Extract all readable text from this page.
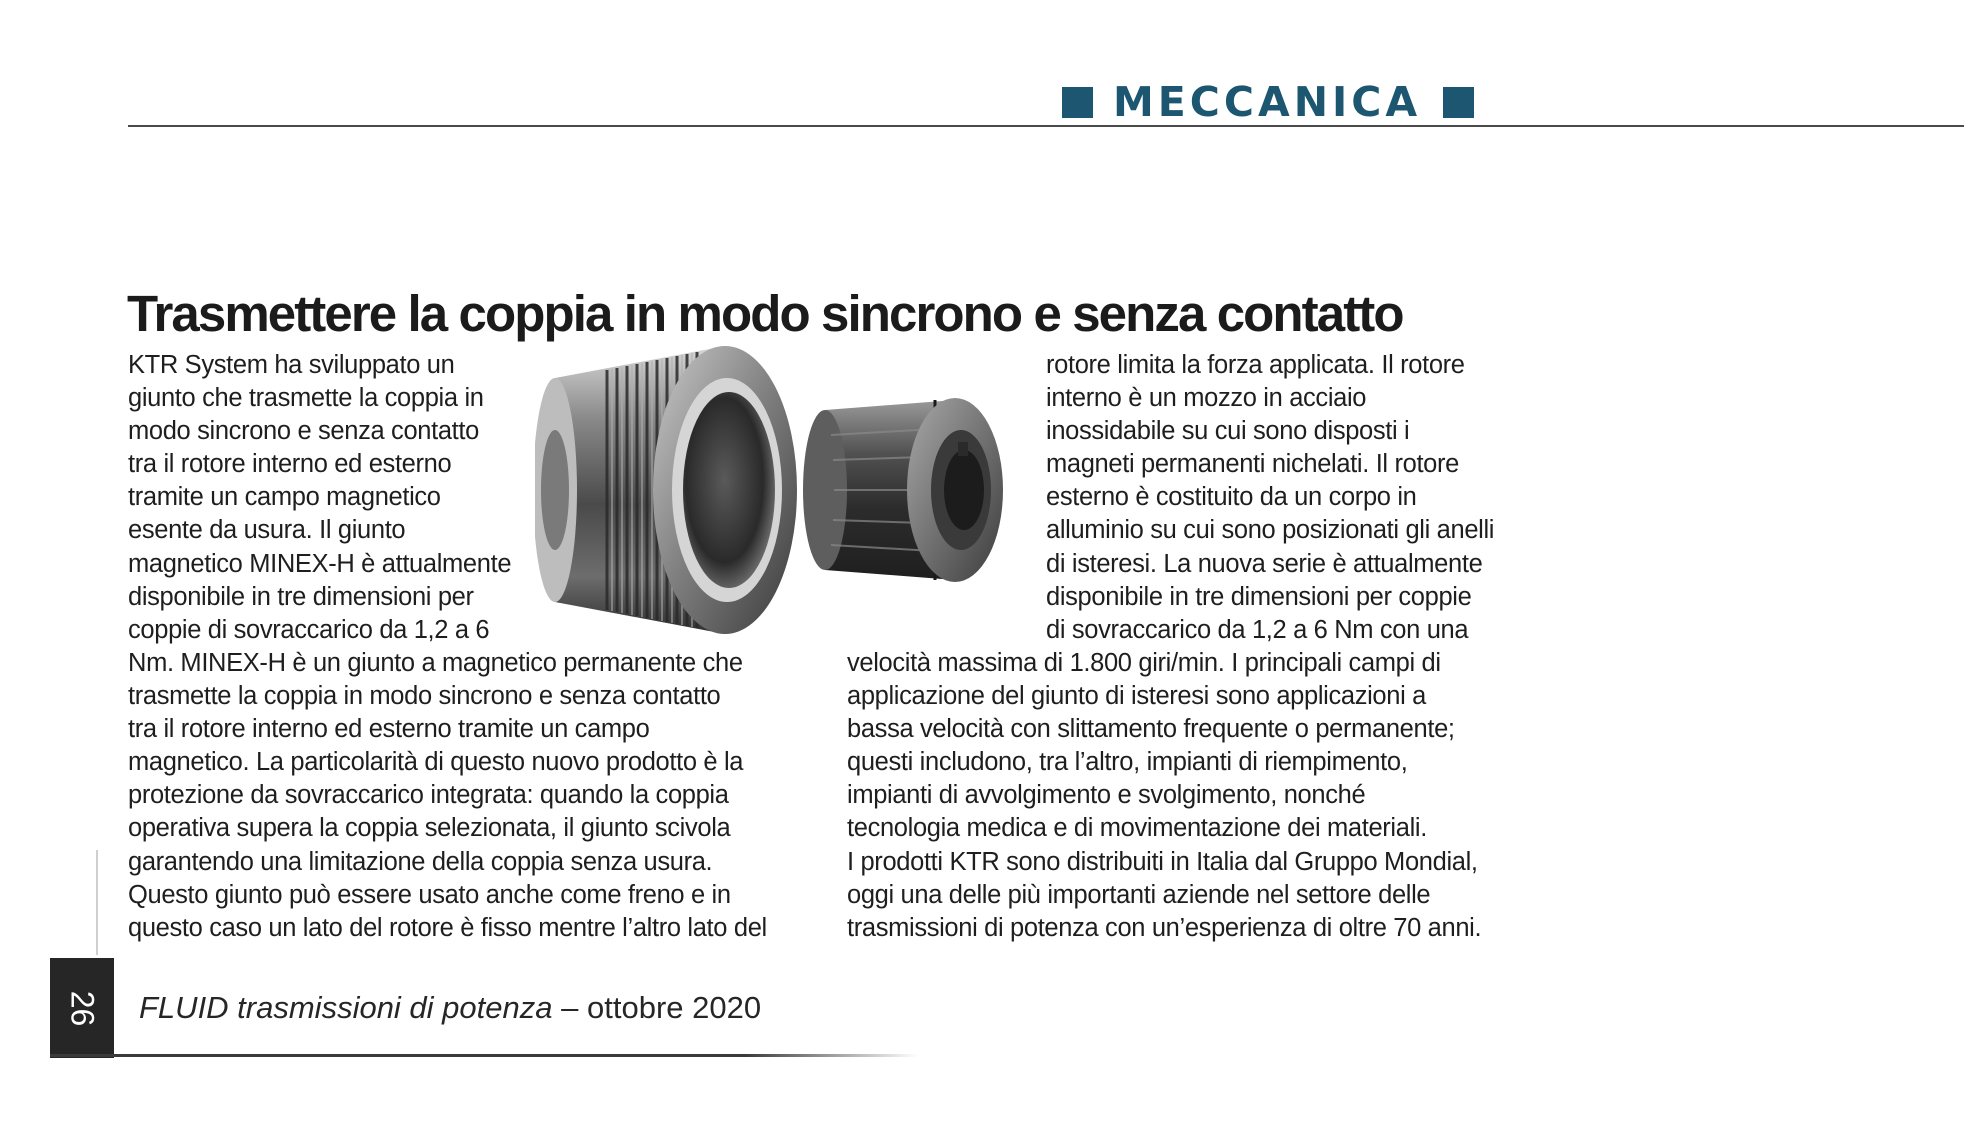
MECCANICA
Trasmettere la coppia in modo sincrono e senza contatto
KTR System ha sviluppato un
giunto che trasmette la coppia in
modo sincrono e senza contatto
tra il rotore interno ed esterno
tramite un campo magnetico
esente da usura. Il giunto
magnetico MINEX-H è attualmente
disponibile in tre dimensioni per
coppie di sovraccarico da 1,2 a 6
Nm. MINEX-H è un giunto a magnetico permanente che
trasmette la coppia in modo sincrono e senza contatto
tra il rotore interno ed esterno tramite un campo
magnetico. La particolarità di questo nuovo prodotto è la
protezione da sovraccarico integrata: quando la coppia
operativa supera la coppia selezionata, il giunto scivola
garantendo una limitazione della coppia senza usura.
Questo giunto può essere usato anche come freno e in
questo caso un lato del rotore è fisso mentre l’altro lato del
rotore limita la forza applicata. Il rotore
interno è un mozzo in acciaio
inossidabile su cui sono disposti i
magneti permanenti nichelati. Il rotore
esterno è costituito da un corpo in
alluminio su cui sono posizionati gli anelli
di isteresi. La nuova serie è attualmente
disponibile in tre dimensioni per coppie
di sovraccarico da 1,2 a 6 Nm con una
velocità massima di 1.800 giri/min. I principali campi di
applicazione del giunto di isteresi sono applicazioni a
bassa velocità con slittamento frequente o permanente;
questi includono, tra l’altro, impianti di riempimento,
impianti di avvolgimento e svolgimento, nonché
tecnologia medica e di movimentazione dei materiali.
I prodotti KTR sono distribuiti in Italia dal Gruppo Mondial,
oggi una delle più importanti aziende nel settore delle
trasmissioni di potenza con un’esperienza di oltre 70 anni.
26 FLUID trasmissioni di potenza – ottobre 2020
